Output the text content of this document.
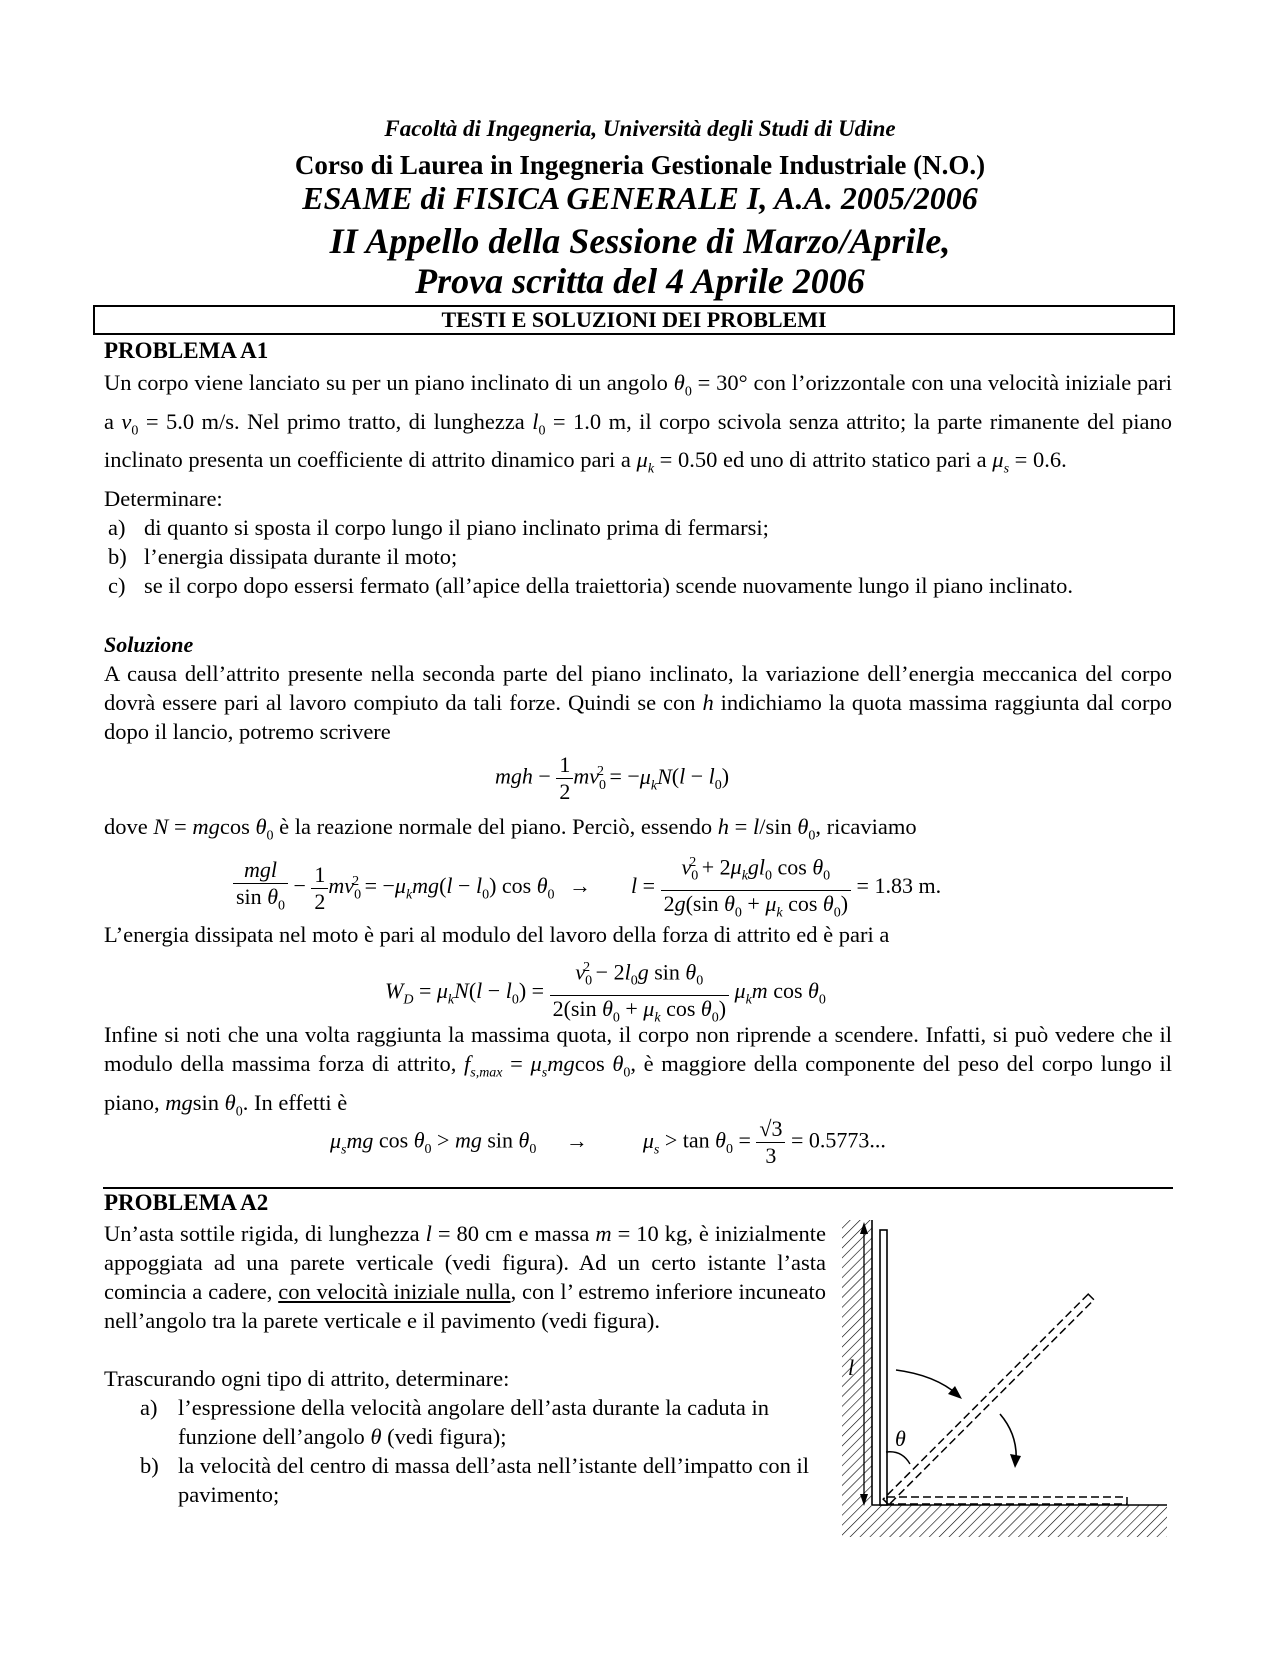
Facoltà di Ingegneria, Università degli Studi di Udine
Corso di Laurea in Ingegneria Gestionale Industriale (N.O.)
ESAME di FISICA GENERALE I, A.A. 2005/2006
II Appello della Sessione di Marzo/Aprile,
Prova scritta del 4 Aprile 2006
TESTI E SOLUZIONI DEI PROBLEMI
PROBLEMA A1
Un corpo viene lanciato su per un piano inclinato di un angolo $\theta_0 = 30^\circ$ con l’orizzontale con una velocità iniziale pari a $v_0 = 5.0$ m/s. Nel primo tratto, di lunghezza $l_0 = 1.0$ m, il corpo scivola senza attrito; la parte rimanente del piano inclinato presenta un coefficiente di attrito dinamico pari a $\mu_k = 0.50$ ed uno di attrito statico pari a $\mu_s = 0.6$.
Determinare:
a) di quanto si sposta il corpo lungo il piano inclinato prima di fermarsi;
b) l’energia dissipata durante il moto;
c) se il corpo dopo essersi fermato (all’apice della traiettoria) scende nuovamente lungo il piano inclinato.
Soluzione
A causa dell’attrito presente nella seconda parte del piano inclinato, la variazione dell’energia meccanica del corpo dovrà essere pari al lavoro compiuto da tali forze. Quindi se con h indichiamo la quota massima raggiunta dal corpo dopo il lancio, potremo scrivere
mgh − $\frac{1}{2} mv_0^2 = -\mu_kN(l - l_0)$
dove N = mgcos $\theta_0$ è la reazione normale del piano. Perciò, essendo h = l/sin $\theta_0$, ricaviamo
$\frac{\text{mgl}}{\sin \theta_0} - \frac{1}{2} mv_0^2 = -\mu_kmg(l - l_0)$ $\cos \theta_0 \to l = \frac{v_0^2 + 2\mu_kgl_0 \cos \theta_0}{2g(\sin \theta_0 + \mu_k \cos \theta_0)} = 1.83$ m.
L’energia dissipata nel moto è pari al modulo del lavoro della forza di attrito ed è pari a
$W_D = \mu_kN(l - l_0) = \frac{v_0^2 - 2l_0g \sin \theta_0}{2(\sin \theta_0 + \mu_k \cos \theta_0)} \mu_km$ $\cos \theta_0$
Infine si noti che una volta raggiunta la massima quota, il corpo non riprende a scendere. Infatti, si può vedere che il modulo della massima forza di attrito, $f_{s,max} = \mu_smgcos$ $\theta_0$, è maggiore della componente del peso del corpo lungo il piano, mgsin $\theta_0$. In effetti è
$\mu_smg$ $\cos \theta_0$ > mg $\sin \theta_0$ →	$\mu_s > \tan \theta_0 = \frac{√3}{3} = 0.5773$...
PROBLEMA A2
Un’asta sottile rigida, di lunghezza l = 80 cm e massa m = 10 kg, è inizialmente appoggiata ad una parete verticale (vedi figura). Ad un certo istante l’asta comincia a cadere, con velocità iniziale nulla, con l’ estremo inferiore incuneato nell’angolo tra la parete verticale e il pavimento (vedi figura).
Trascurando ogni tipo di attrito, determinare:
a) l’espressione della velocità angolare dell’asta durante la caduta in funzione dell’angolo θ (vedi figura);
b) la velocità del centro di massa dell’asta nell’istante dell’impatto con il pavimento;
l
θ
